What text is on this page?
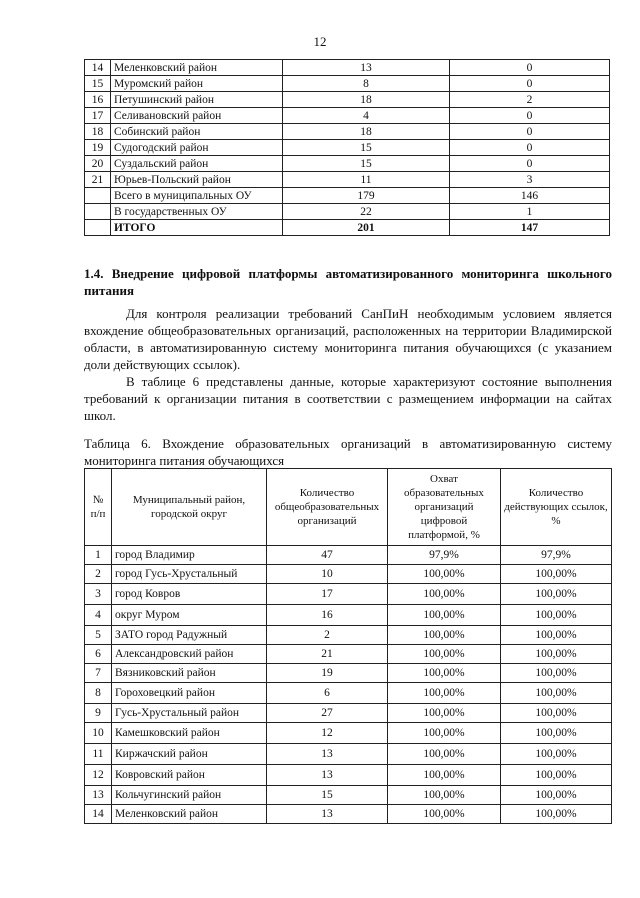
12
14	Меленковский район	13	0
15	Муромский район	8	0
16	Петушинский район	18	2
17	Селивановский район	4	0
18	Собинский район	18	0
19	Судогодский район	15	0
20	Суздальский район	15	0
21	Юрьев-Польский район	11	3
	Всего в муниципальных ОУ	179	146
	В государственных ОУ	22	1
	ИТОГО	201	147
1.4. Внедрение цифровой платформы автоматизированного мониторинга школьного питания

Для контроля реализации требований СанПиН необходимым условием является вхождение общеобразовательных организаций, расположенных на территории Владимирской области, в автоматизированную систему мониторинга питания обучающихся (с указанием доли действующих ссылок).

В таблице 6 представлены данные, которые характеризуют состояние выполнения требований к организации питания в соответствии с размещением информации на сайтах школ.

Таблица 6. Вхождение образовательных организаций в автоматизированную систему мониторинга питания обучающихся

№ п/п	Муниципальный район, городской округ	Количество общеобразовательных организаций	Охват образовательных организаций цифровой платформой, %	Количество действующих ссылок, %
1	город Владимир	47	97,9%	97,9%
2	город Гусь-Хрустальный	10	100,00%	100,00%
3	город Ковров	17	100,00%	100,00%
4	округ Муром	16	100,00%	100,00%
5	ЗАТО город Радужный	2	100,00%	100,00%
6	Александровский район	21	100,00%	100,00%
7	Вязниковский район	19	100,00%	100,00%
8	Гороховецкий район	6	100,00%	100,00%
9	Гусь-Хрустальный район	27	100,00%	100,00%
10	Камешковский район	12	100,00%	100,00%
11	Киржачский район	13	100,00%	100,00%
12	Ковровский район	13	100,00%	100,00%
13	Кольчугинский район	15	100,00%	100,00%
14	Меленковский район	13	100,00%	100,00%
